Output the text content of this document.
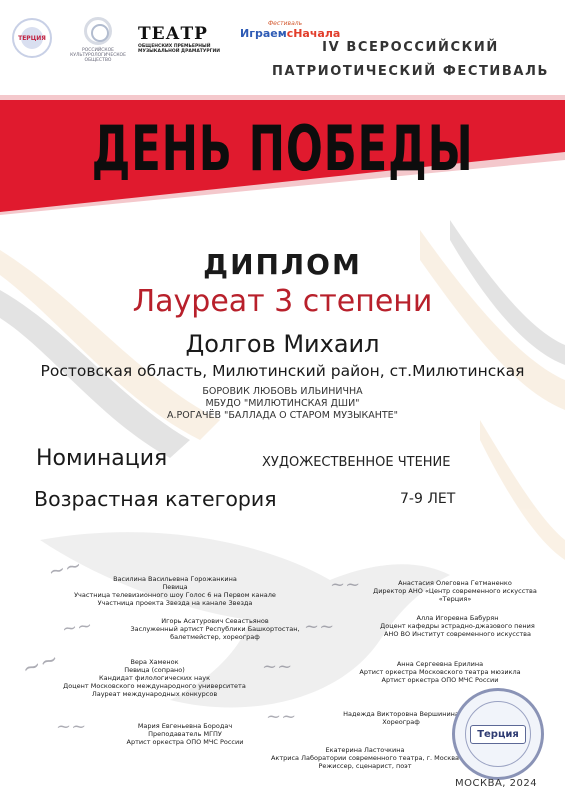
ТЕРЦИЯ
РОССИЙСКОЕ КУЛЬТУРОЛОГИЧЕСКОЕ ОБЩЕСТВО
ТЕАТР
ОБЩЕНСКИХ ПРЕМЬЕРНЫЙ МУЗЫКАЛЬНОЙ ДРАМАТУРГИИ
Фестиваль
ИграемсНачала
IV ВСЕРОССИЙСКИЙ
ПАТРИОТИЧЕСКИЙ ФЕСТИВАЛЬ
ДЕНЬ ПОБЕДЫ
ДИПЛОМ
Лауреат 3 степени
Долгов Михаил
Ростовская область, Милютинский район, ст.Милютинская
БОРОВИК ЛЮБОВЬ ИЛЬИНИЧНА
МБУДО "МИЛЮТИНСКАЯ ДШИ"
А.РОГАЧЁВ "БАЛЛАДА О СТАРОМ МУЗЫКАНТЕ"
Номинация	ХУДОЖЕСТВЕННОЕ ЧТЕНИЕ
Возрастная категория	7-9 ЛЕТ
~~
~~
~~
~~
~~
~~
~~
~~
Василина Васильевна Горожанкина
Певица
Участница телевизионного шоу Голос 6 на Первом канале
Участница проекта Звезда на канале Звезда
Анастасия Олеговна Гетманенко
Директор АНО «Центр современного искусства
«Терция»
Игорь Асатурович Севастьянов
Заслуженный артист Республики Башкортостан,
балетмейстер, хореограф
Алла Игоревна Бабурян
Доцент кафедры эстрадно-джазового пения
АНО ВО Институт современного искусства
Вера Хаменок
Певица (сопрано)
Кандидат филологических наук
Доцент Московского международного университета
Лауреат международных конкурсов
Анна Сергеевна Ерилина
Артист оркестра Московского театра мюзикла
Артист оркестра ОПО МЧС России
Надежда Викторовна Вершинина
Хореограф
Мария Евгеньевна Бородач
Преподаватель МГПУ
Артист оркестра ОПО МЧС России
Екатерина Ласточкина
Актриса Лаборатории современного театра, г. Москва
Режиссер, сценарист, поэт
Терция
МОСКВА, 2024
